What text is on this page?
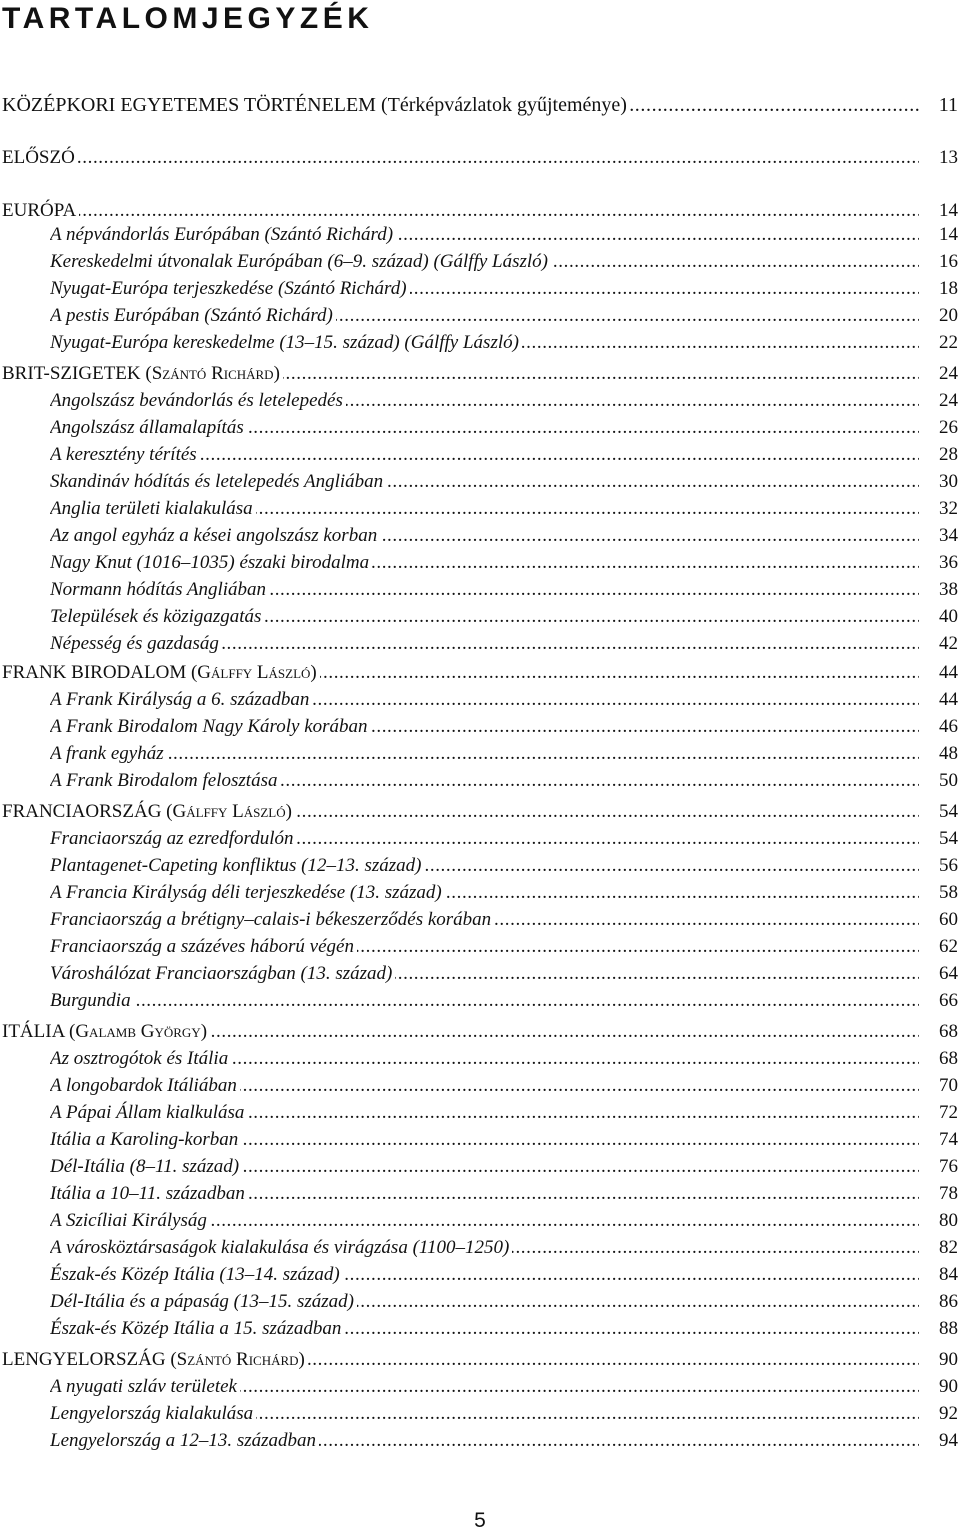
TARTALOMJEGYZÉK
.....
KÖZÉPKORI EGYETEMES TÖRTÉNELEM (Térképvázlatok gyűjteménye)	11
.....
ELŐSZÓ	13
.....
EURÓPA	14
.....
A népvándorlás Európában (Szántó Richárd)	14
.....
Kereskedelmi útvonalak Európában (6–9. század) (Gálffy László)	16
.....
Nyugat-Európa terjeszkedése (Szántó Richárd)	18
.....
A pestis Európában (Szántó Richárd)	20
.....
Nyugat-Európa kereskedelme (13–15. század) (Gálffy László)	22
.....
BRIT-SZIGETEK (Szántó Richárd)	24
.....
Angolszász bevándorlás és letelepedés	24
.....
Angolszász államalapítás	26
.....
A keresztény térítés	28
.....
Skandináv hódítás és letelepedés Angliában	30
.....
Anglia területi kialakulása	32
.....
Az angol egyház a kései angolszász korban	34
.....
Nagy Knut (1016–1035) északi birodalma	36
.....
Normann hódítás Angliában	38
.....
Települések és közigazgatás	40
.....
Népesség és gazdaság	42
.....
FRANK BIRODALOM (Gálffy László)	44
.....
A Frank Királyság a 6. században	44
.....
A Frank Birodalom Nagy Károly korában	46
.....
A frank egyház	48
.....
A Frank Birodalom felosztása	50
.....
FRANCIAORSZÁG (Gálffy László)	54
.....
Franciaország az ezredfordulón	54
.....
Plantagenet-Capeting konfliktus (12–13. század)	56
.....
A Francia Királyság déli terjeszkedése (13. század)	58
.....
Franciaország a brétigny–calais-i békeszerződés korában	60
.....
Franciaország a százéves háború végén	62
.....
Városhálózat Franciaországban (13. század)	64
.....
Burgundia	66
.....
ITÁLIA (Galamb György)	68
.....
Az osztrogótok és Itália	68
.....
A longobardok Itáliában	70
.....
A Pápai Állam kialkulása	72
.....
Itália a Karoling-korban	74
.....
Dél-Itália (8–11. század)	76
.....
Itália a 10–11. században	78
.....
A Szicíliai Királyság	80
.....
A városköztársaságok kialakulása és virágzása (1100–1250)	82
.....
Észak-és Közép Itália (13–14. század)	84
.....
Dél-Itália és a pápaság (13–15. század)	86
.....
Észak-és Közép Itália a 15. században	88
.....
LENGYELORSZÁG (Szántó Richárd)	90
.....
A nyugati szláv területek	90
.....
Lengyelország kialakulása	92
.....
Lengyelország a 12–13. században	94
5
